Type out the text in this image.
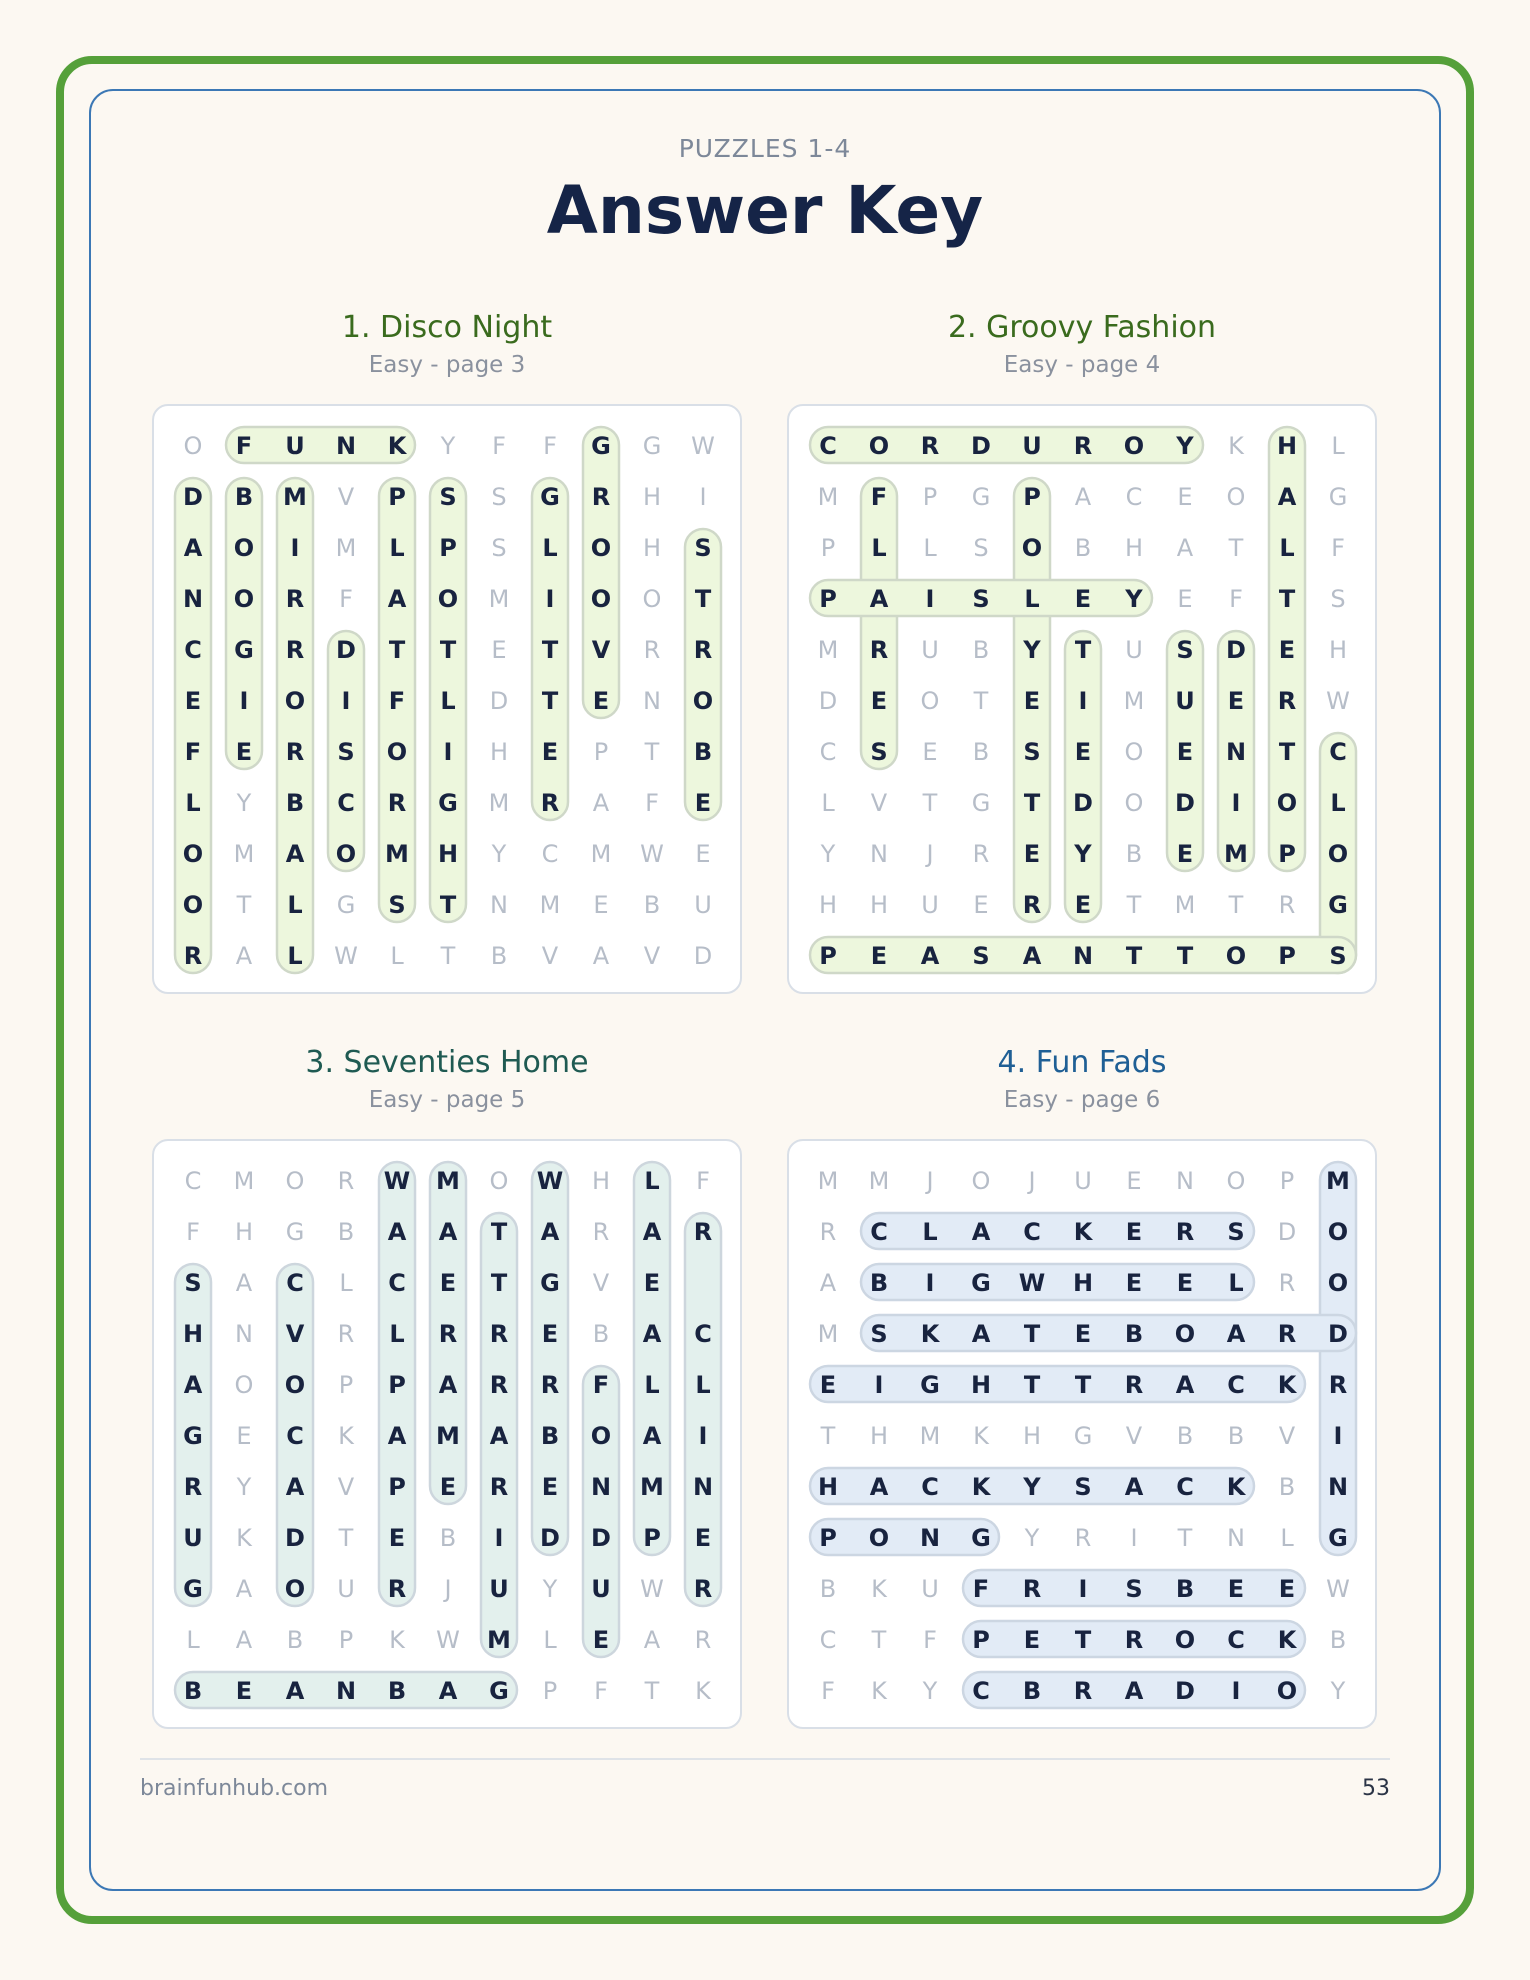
PUZZLES 1-4
Answer Key
1. Disco Night
Easy - page 3
O F U N K Y F F G G W
D B M V P S S G R H I
A O I M L P S L O H S
N O R F A O M I O O T
C G R D T T E T V R R
E I O I F L D T E N O
F E R S O I H E P T B
L Y B C R G M R A F E
O M A O M H Y C M W E
O T L G S T N M E B U
R A L W L T B V A V D
2. Groovy Fashion
Easy - page 4
C O R D U R O Y K H L
M F P G P A C E O A G
P L L S O B H A T L F
P A I S L E Y E F T S
M R U B Y T U S D E H
D E O T E I M U E R W
C S E B S E O E N T C
L V T G T D O D I O L
Y N J R E Y B E M P O
H H U E R E T M T R G
P E A S A N T T O P S
3. Seventies Home
Easy - page 5
C M O R W M O W H L F
F H G B A A T A R A R
S A C L C E T G V E
H N V R L R R E B A C
A O O P P A R R F L L
G E C K A M A B O A I
R Y A V P E R E N M N
U K D T E B I D D P E
G A O U R J U Y U W R
L A B P K W M L E A R
B E A N B A G P F T K
4. Fun Fads
Easy - page 6
M M J O J U E N O P M
R C L A C K E R S D O
A B I G W H E E L R O
M S K A T E B O A R D
E I G H T T R A C K R
T H M K H G V B B V I
H A C K Y S A C K B N
P O N G Y R I T N L G
B K U F R I S B E E W
C T F P E T R O C K B
F K Y C B R A D I O Y
brainfunhub.com	53
